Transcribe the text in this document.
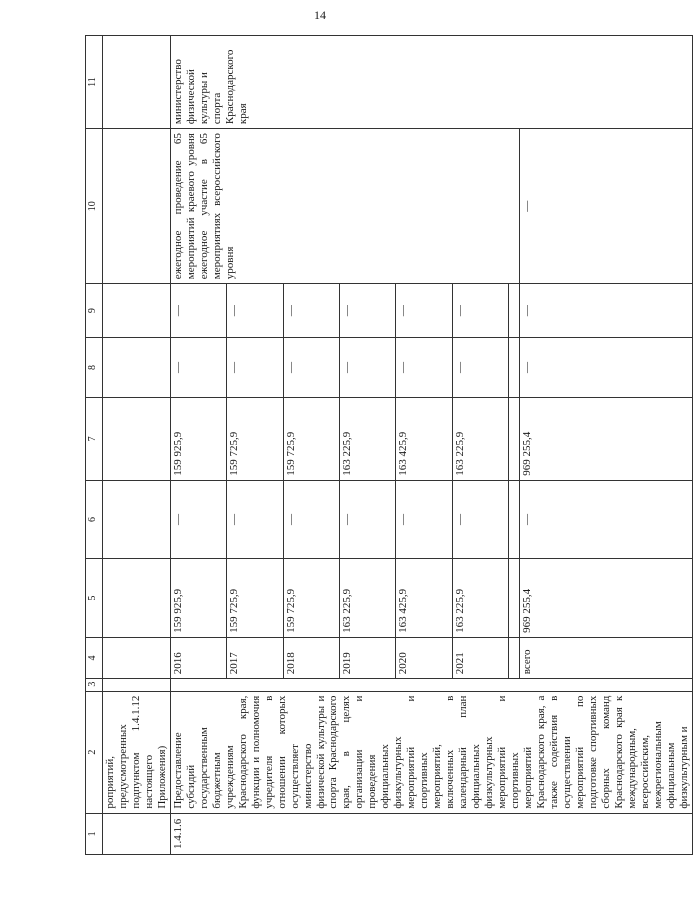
14
1	2	3	4	5	6	7	8	9	10	11
	роприятий, предусмотренных подпунктом 1.4.1.12 настоящего Приложения)									
1.4.1.6	Предоставление субсидий государственным бюджетным учреждениям Краснодарского края, функции и полномочия учредителя в отношении которых осуществляет министерство физической культуры и спорта Краснодарского края, в целях организации и проведения официальных физкультурных мероприятий и спортивных мероприятий, включенных в календарный план официальных физкультурных мероприятий и спортивных мероприятий Краснодарского края, а также содействия в осуществлении мероприятий по подготовке спортивных сборных команд Краснодарского края к международным, всероссийским, межрегиональным официальным физкультурным и		2016	159 925,9	—	159 925,9	—	—	ежегодное проведение 65 мероприятий краевого уровня ежегодное участие в 65 мероприятиях всероссийского уровня	министерство физической культуры и спорта Краснодарского края
			2017	159 725,9	—	159 725,9	—	—		
			2018	159 725,9	—	159 725,9	—	—		
			2019	163 225,9	—	163 225,9	—	—		
			2020	163 425,9	—	163 425,9	—	—		
			2021	163 225,9	—	163 225,9	—	—		

			всего	969 255,4	—	969 255,4	—	—	—	
